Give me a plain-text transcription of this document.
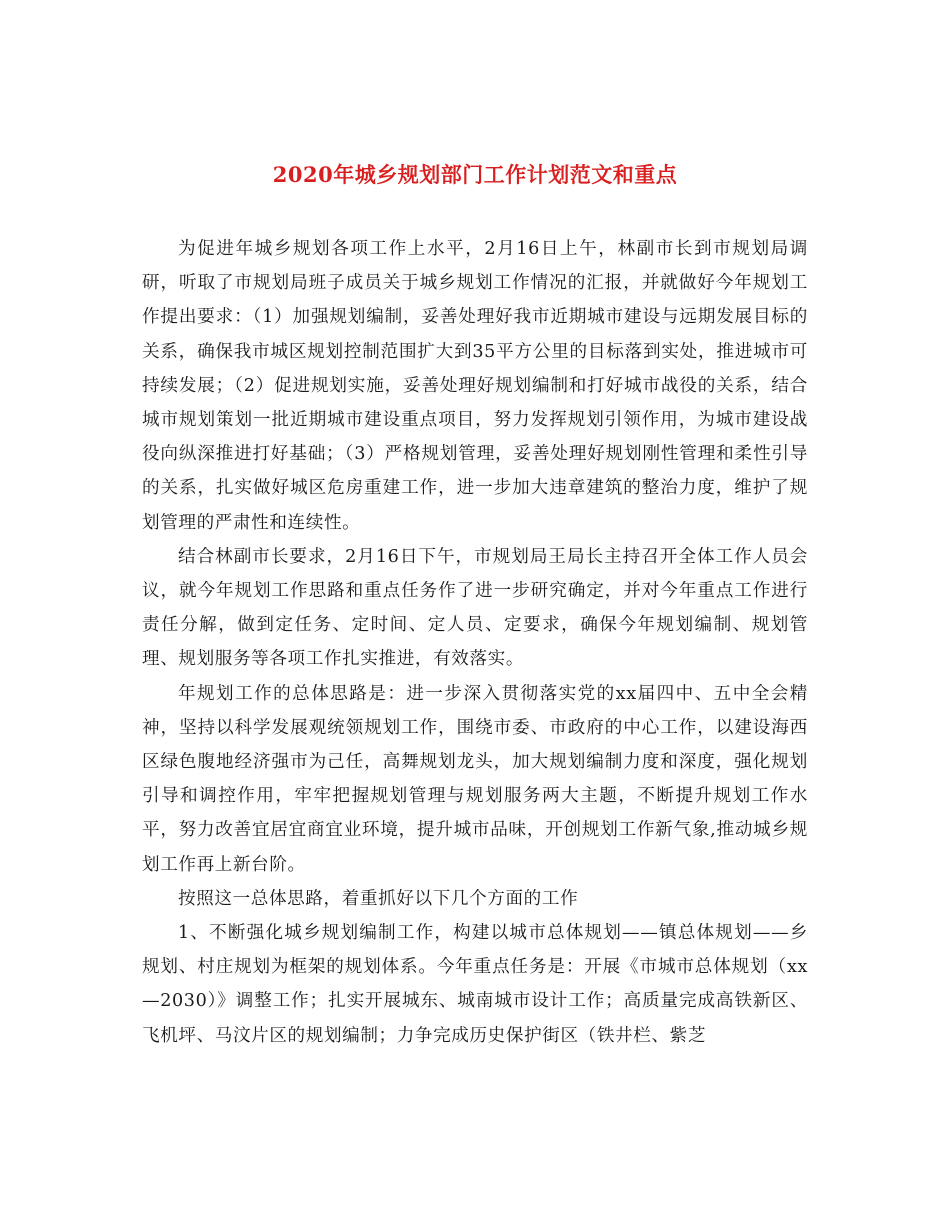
2020年城乡规划部门工作计划范文和重点

为促进年城乡规划各项工作上水平，2月16日上午，林副市长到市规划局调研，听取了市规划局班子成员关于城乡规划工作情况的汇报，并就做好今年规划工作提出要求：（1）加强规划编制，妥善处理好我市近期城市建设与远期发展目标的关系，确保我市城区规划控制范围扩大到35平方公里的目标落到实处，推进城市可持续发展；（2）促进规划实施，妥善处理好规划编制和打好城市战役的关系，结合城市规划策划一批近期城市建设重点项目，努力发挥规划引领作用，为城市建设战役向纵深推进打好基础；（3）严格规划管理，妥善处理好规划刚性管理和柔性引导的关系，扎实做好城区危房重建工作，进一步加大违章建筑的整治力度，维护了规划管理的严肃性和连续性。

结合林副市长要求，2月16日下午，市规划局王局长主持召开全体工作人员会议，就今年规划工作思路和重点任务作了进一步研究确定，并对今年重点工作进行责任分解，做到定任务、定时间、定人员、定要求，确保今年规划编制、规划管理、规划服务等各项工作扎实推进，有效落实。

年规划工作的总体思路是：进一步深入贯彻落实党的xx届四中、五中全会精神，坚持以科学发展观统领规划工作，围绕市委、市政府的中心工作，以建设海西区绿色腹地经济强市为己任，高舞规划龙头，加大规划编制力度和深度，强化规划引导和调控作用，牢牢把握规划管理与规划服务两大主题，不断提升规划工作水平，努力改善宜居宜商宜业环境，提升城市品味，开创规划工作新气象,推动城乡规划工作再上新台阶。

按照这一总体思路，着重抓好以下几个方面的工作

1、不断强化城乡规划编制工作，构建以城市总体规划——镇总体规划——乡规划、村庄规划为框架的规划体系。今年重点任务是：开展《市城市总体规划（xx—2030）》调整工作；扎实开展城东、城南城市设计工作；高质量完成高铁新区、飞机坪、马汶片区的规划编制；力争完成历史保护街区（铁井栏、紫芝
